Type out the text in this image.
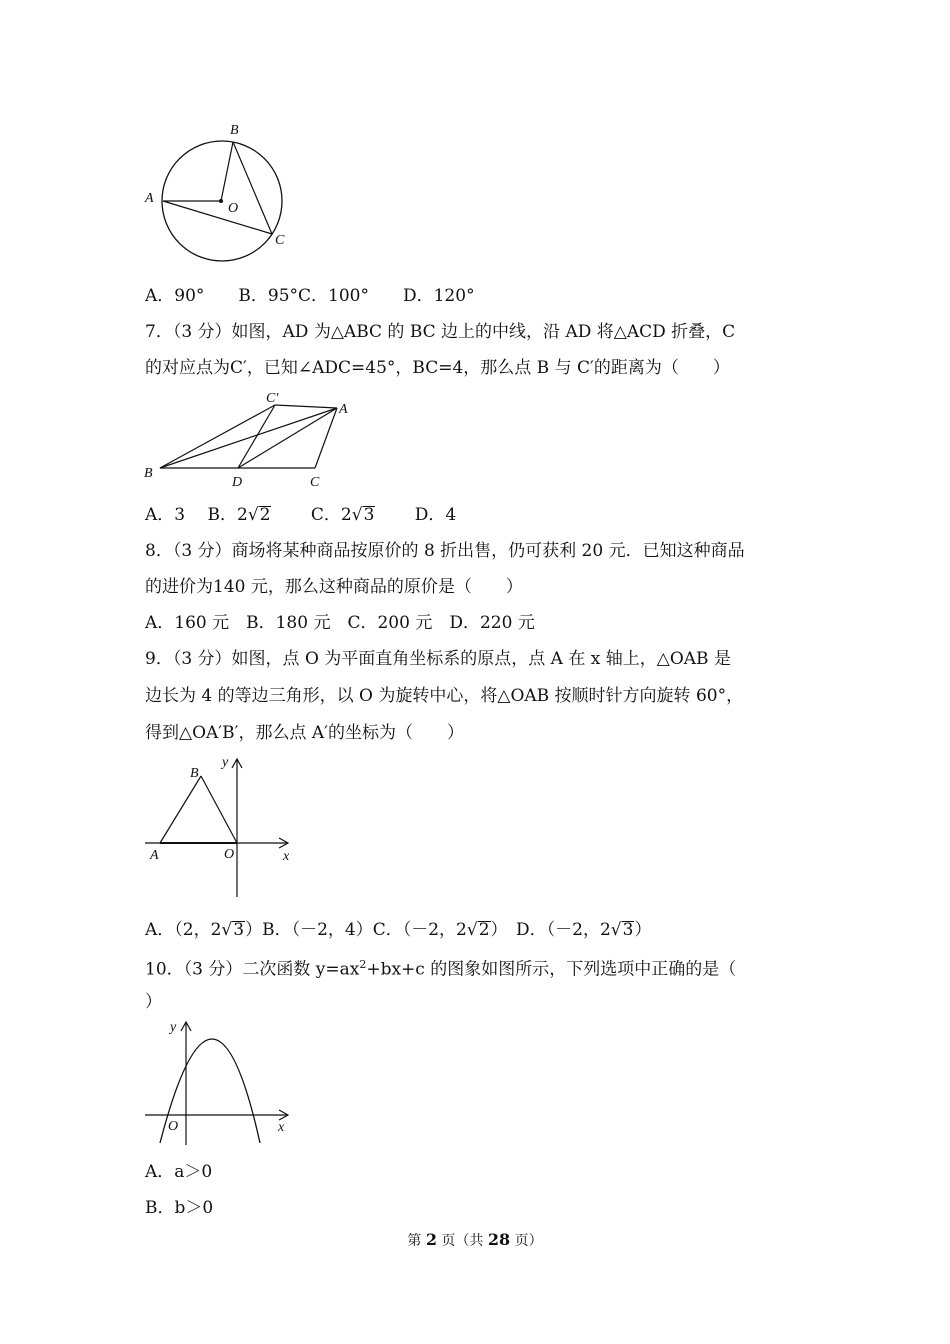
A
B
C
O
A．90°　　B．95°C．100°　　D．120°
7．（3 分）如图，AD 为△ABC 的 BC 边上的中线，沿 AD 将△ACD 折叠，C
的对应点为C′，已知∠ADC=45°，BC=4，那么点 B 与 C′的距离为（　　）
B
D	C
C′
A
A．3　 B．2√2　　 C．2√3　　 D．4
8．（3 分）商场将某种商品按原价的 8 折出售，仍可获利 20 元．已知这种商品
的进价为140 元，那么这种商品的原价是（　　）
A．160 元　B．180 元　C．200 元　D．220 元
9．（3 分）如图，点 O 为平面直角坐标系的原点，点 A 在 x 轴上，△OAB 是
边长为 4 的等边三角形，以 O 为旋转中心，将△OAB 按顺时针方向旋转 60°，
得到△OA′B′，那么点 A′的坐标为（　　）
A
B
O	x
y
A．（2，2√3）B．（－2，4）C．（－2，2√2）　D．（－2，2√3）
10．（3 分）二次函数 $y=ax^2+bx+c$ 的图象如图所示，下列选项中正确的是（
）
O	x
y
A．a＞0
B．b＞0
第 2 页（共 28 页）
